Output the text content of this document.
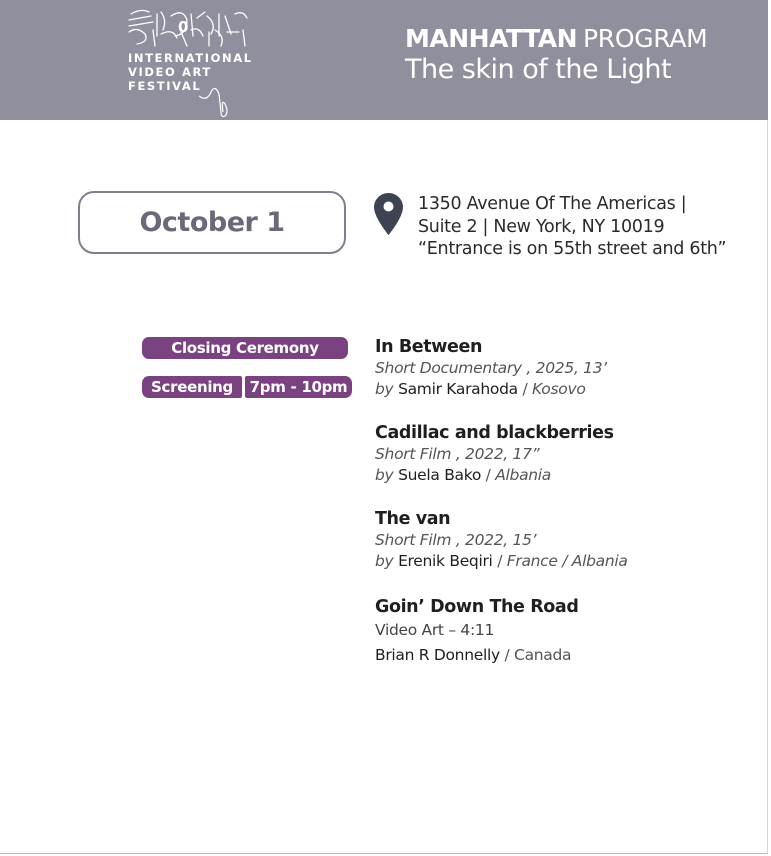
0
INTERNATIONAL
VIDEO ART
FESTIVAL
MANHATTAN PROGRAM
The skin of the Light
October 1
1350 Avenue Of The Americas |
Suite 2 | New York, NY 10019
“Entrance is on 55th street and 6th”
Closing Ceremony
Screening	7pm - 10pm
In Between
Short Documentary , 2025, 13’
by Samir Karahoda / Kosovo
Cadillac and blackberries
Short Film , 2022, 17”
by Suela Bako / Albania
The van
Short Film , 2022, 15’
by Erenik Beqiri / France / Albania
Goin’ Down The Road
Video Art – 4:11
Brian R Donnelly / Canada
